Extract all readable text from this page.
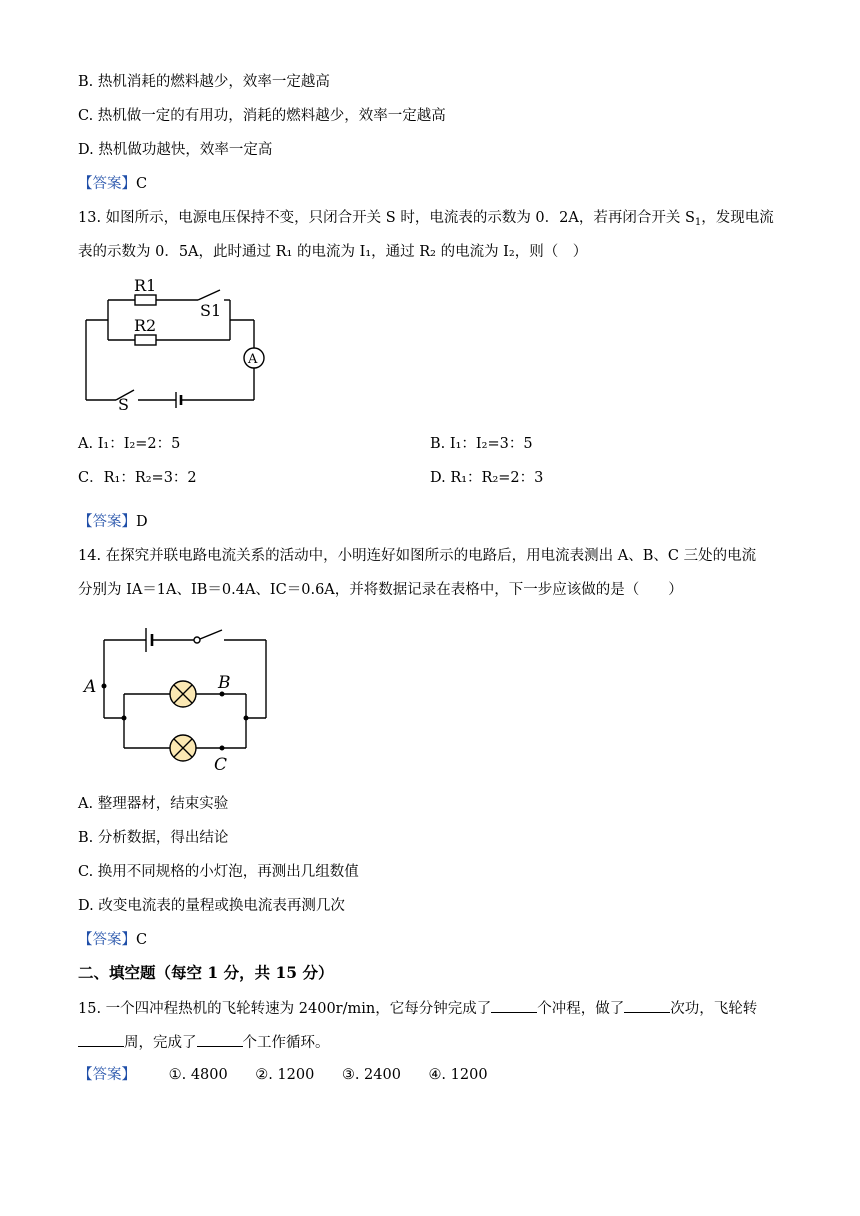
B. 热机消耗的燃料越少，效率一定越高
C. 热机做一定的有用功，消耗的燃料越少，效率一定越高
D. 热机做功越快，效率一定高
【答案】C
13. 如图所示，电源电压保持不变，只闭合开关 S 时，电流表的示数为 0．2A，若再闭合开关 $S_1$，发现电流
表的示数为 0．5A，此时通过 R₁ 的电流为 I₁，通过 R₂ 的电流为 I₂，则（　）
R1
R2
S1
A
S
A. I₁：I₂=2：5	B. I₁：I₂=3：5
C．R₁：R₂=3：2	D. R₁：R₂=2：3
【答案】D
14. 在探究并联电路电流关系的活动中，小明连好如图所示的电路后，用电流表测出 A、B、C 三处的电流
分别为 IA＝1A、IB＝0.4A、IC＝0.6A，并将数据记录在表格中，下一步应该做的是（　　）
A	B
C
A. 整理器材，结束实验
B. 分析数据，得出结论
C. 换用不同规格的小灯泡，再测出几组数值
D. 改变电流表的量程或换电流表再测几次
【答案】C
二、填空题（每空 1 分，共 15 分）
15. 一个四冲程热机的飞轮转速为 2400r/min，它每分钟完成了	个冲程，做了	次功，飞轮转
周，完成了	个工作循环。
【答案】 ①. 4800 ②. 1200 ③. 2400 ④. 1200
